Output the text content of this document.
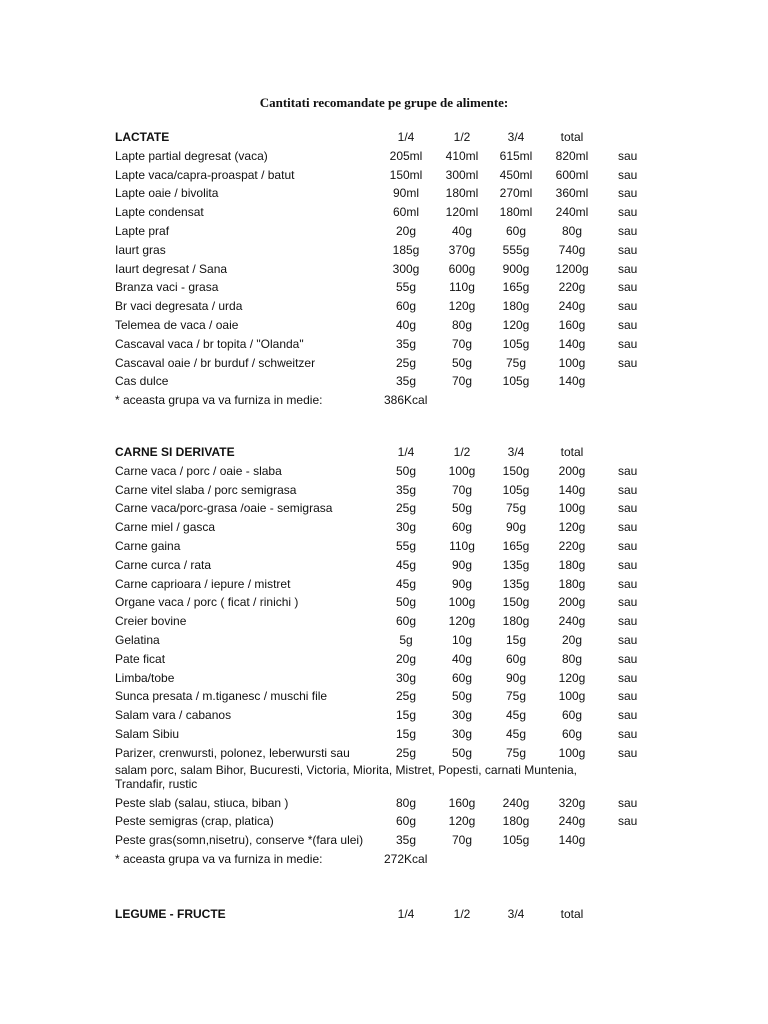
Cantitati recomandate pe grupe de alimente:
LACTATE	1/4	1/2	3/4	total
Lapte partial degresat (vaca)	205ml	410ml	615ml	820ml	sau
Lapte vaca/capra-proaspat / batut	150ml	300ml	450ml	600ml	sau
Lapte oaie / bivolita	90ml	180ml	270ml	360ml	sau
Lapte condensat	60ml	120ml	180ml	240ml	sau
Lapte praf	20g	40g	60g	80g	sau
Iaurt gras	185g	370g	555g	740g	sau
Iaurt degresat / Sana	300g	600g	900g	1200g	sau
Branza vaci - grasa	55g	110g	165g	220g	sau
Br vaci degresata / urda	60g	120g	180g	240g	sau
Telemea de vaca / oaie	40g	80g	120g	160g	sau
Cascaval vaca / br topita / "Olanda"	35g	70g	105g	140g	sau
Cascaval oaie / br burduf / schweitzer	25g	50g	75g	100g	sau
Cas dulce	35g	70g	105g	140g
* aceasta grupa va va furniza in medie:	386Kcal
CARNE SI DERIVATE	1/4	1/2	3/4	total
Carne vaca / porc / oaie - slaba	50g	100g	150g	200g	sau
Carne vitel slaba / porc semigrasa	35g	70g	105g	140g	sau
Carne vaca/porc-grasa /oaie - semigrasa	25g	50g	75g	100g	sau
Carne miel / gasca	30g	60g	90g	120g	sau
Carne gaina	55g	110g	165g	220g	sau
Carne curca / rata	45g	90g	135g	180g	sau
Carne caprioara / iepure / mistret	45g	90g	135g	180g	sau
Organe vaca / porc ( ficat / rinichi )	50g	100g	150g	200g	sau
Creier bovine	60g	120g	180g	240g	sau
Gelatina	5g	10g	15g	20g	sau
Pate ficat	20g	40g	60g	80g	sau
Limba/tobe	30g	60g	90g	120g	sau
Sunca presata / m.tiganesc / muschi file	25g	50g	75g	100g	sau
Salam vara / cabanos	15g	30g	45g	60g	sau
Salam Sibiu	15g	30g	45g	60g	sau
Parizer, crenwursti, polonez, leberwursti sau	25g	50g	75g	100g	sau
salam porc, salam Bihor, Bucuresti, Victoria, Miorita, Mistret, Popesti, carnati Muntenia, Trandafir, rustic
Peste slab (salau, stiuca, biban )	80g	160g	240g	320g	sau
Peste semigras (crap, platica)	60g	120g	180g	240g	sau
Peste gras(somn,nisetru), conserve *(fara ulei)	35g	70g	105g	140g
* aceasta grupa va va furniza in medie:	272Kcal
LEGUME - FRUCTE	1/4	1/2	3/4	total
